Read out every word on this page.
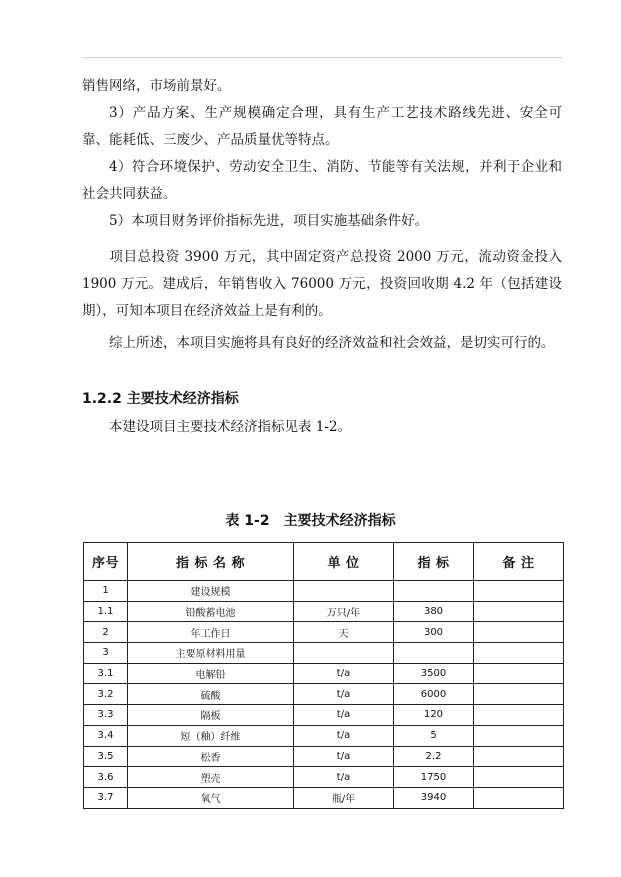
销售网络，市场前景好。

3）产品方案、生产规模确定合理，具有生产工艺技术路线先进、安全可靠、能耗低、三废少、产品质量优等特点。

4）符合环境保护、劳动安全卫生、消防、节能等有关法规，并利于企业和社会共同获益。

5）本项目财务评价指标先进，项目实施基础条件好。

项目总投资 3900 万元，其中固定资产总投资 2000 万元，流动资金投入 1900 万元。建成后，年销售收入 76000 万元，投资回收期 4.2 年（包括建设期），可知本项目在经济效益上是有利的。

综上所述，本项目实施将具有良好的经济效益和社会效益，是切实可行的。

1.2.2 主要技术经济指标

本建设项目主要技术经济指标见表 1-2。

表 1-2　主要技术经济指标
序号	指 标 名 称	单 位	指 标	备 注
1	建设规模			
1.1	铅酸蓄电池	万只/年	380	
2	年工作日	天	300	
3	主要原材料用量			
3.1	电解铅	t/a	3500	
3.2	硫酸	t/a	6000	
3.3	隔板	t/a	120	
3.4	短（釉）纤维	t/a	5	
3.5	松香	t/a	2.2	
3.6	塑壳	t/a	1750	
3.7	氧气	瓶/年	3940	
